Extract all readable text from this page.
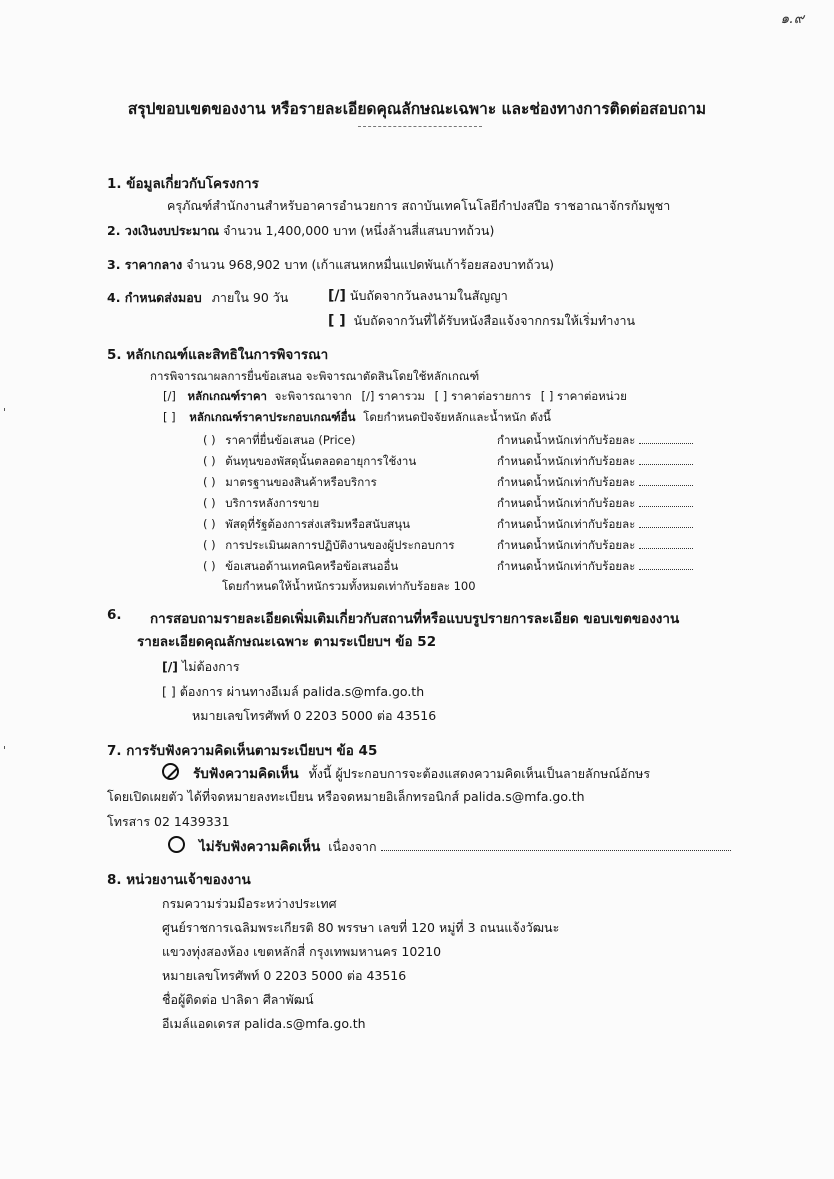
๑.๙
สรุปขอบเขตของงาน หรือรายละเอียดคุณลักษณะเฉพาะ และช่องทางการติดต่อสอบถาม
1. ข้อมูลเกี่ยวกับโครงการ
ครุภัณฑ์สำนักงานสำหรับอาคารอำนวยการ สถาบันเทคโนโลยีกำปงสปือ ราชอาณาจักรกัมพูชา
2. วงเงินงบประมาณ จำนวน 1,400,000 บาท (หนึ่งล้านสี่แสนบาทถ้วน)
3. ราคากลาง จำนวน 968,902 บาท (เก้าแสนหกหมื่นแปดพันเก้าร้อยสองบาทถ้วน)
4. กำหนดส่งมอบ ภายใน 90 วัน	[/] นับถัดจากวันลงนามในสัญญา
[ ] นับถัดจากวันที่ได้รับหนังสือแจ้งจากกรมให้เริ่มทำงาน
5. หลักเกณฑ์และสิทธิในการพิจารณา
การพิจารณาผลการยื่นข้อเสนอ จะพิจารณาตัดสินโดยใช้หลักเกณฑ์
[/] หลักเกณฑ์ราคา จะพิจารณาจาก [/] ราคารวม [ ] ราคาต่อรายการ [ ] ราคาต่อหน่วย
[ ] หลักเกณฑ์ราคาประกอบเกณฑ์อื่น โดยกำหนดปัจจัยหลักและน้ำหนัก ดังนี้
( ) ราคาที่ยื่นข้อเสนอ (Price)	กำหนดน้ำหนักเท่ากับร้อยละ
( ) ต้นทุนของพัสดุนั้นตลอดอายุการใช้งาน	กำหนดน้ำหนักเท่ากับร้อยละ
( ) มาตรฐานของสินค้าหรือบริการ	กำหนดน้ำหนักเท่ากับร้อยละ
( ) บริการหลังการขาย	กำหนดน้ำหนักเท่ากับร้อยละ
( ) พัสดุที่รัฐต้องการส่งเสริมหรือสนับสนุน	กำหนดน้ำหนักเท่ากับร้อยละ
( ) การประเมินผลการปฏิบัติงานของผู้ประกอบการ	กำหนดน้ำหนักเท่ากับร้อยละ
( ) ข้อเสนอด้านเทคนิคหรือข้อเสนออื่น	กำหนดน้ำหนักเท่ากับร้อยละ
โดยกำหนดให้น้ำหนักรวมทั้งหมดเท่ากับร้อยละ 100
6. การสอบถามรายละเอียดเพิ่มเติมเกี่ยวกับสถานที่หรือแบบรูปรายการละเอียด ขอบเขตของงาน
รายละเอียดคุณลักษณะเฉพาะ ตามระเบียบฯ ข้อ 52
[/] ไม่ต้องการ
[ ] ต้องการ ผ่านทางอีเมล์ palida.s@mfa.go.th
หมายเลขโทรศัพท์ 0 2203 5000 ต่อ 43516
7. การรับฟังความคิดเห็นตามระเบียบฯ ข้อ 45
รับฟังความคิดเห็น ทั้งนี้ ผู้ประกอบการจะต้องแสดงความคิดเห็นเป็นลายลักษณ์อักษร
โดยเปิดเผยตัว ได้ที่จดหมายลงทะเบียน หรือจดหมายอิเล็กทรอนิกส์ palida.s@mfa.go.th
โทรสาร 02 1439331
ไม่รับฟังความคิดเห็น เนื่องจาก
8. หน่วยงานเจ้าของงาน
กรมความร่วมมือระหว่างประเทศ
ศูนย์ราชการเฉลิมพระเกียรติ 80 พรรษา เลขที่ 120 หมู่ที่ 3 ถนนแจ้งวัฒนะ
แขวงทุ่งสองห้อง เขตหลักสี่ กรุงเทพมหานคร 10210
หมายเลขโทรศัพท์ 0 2203 5000 ต่อ 43516
ชื่อผู้ติดต่อ ปาลิดา ศีลาพัฒน์
อีเมล์แอดเดรส palida.s@mfa.go.th
